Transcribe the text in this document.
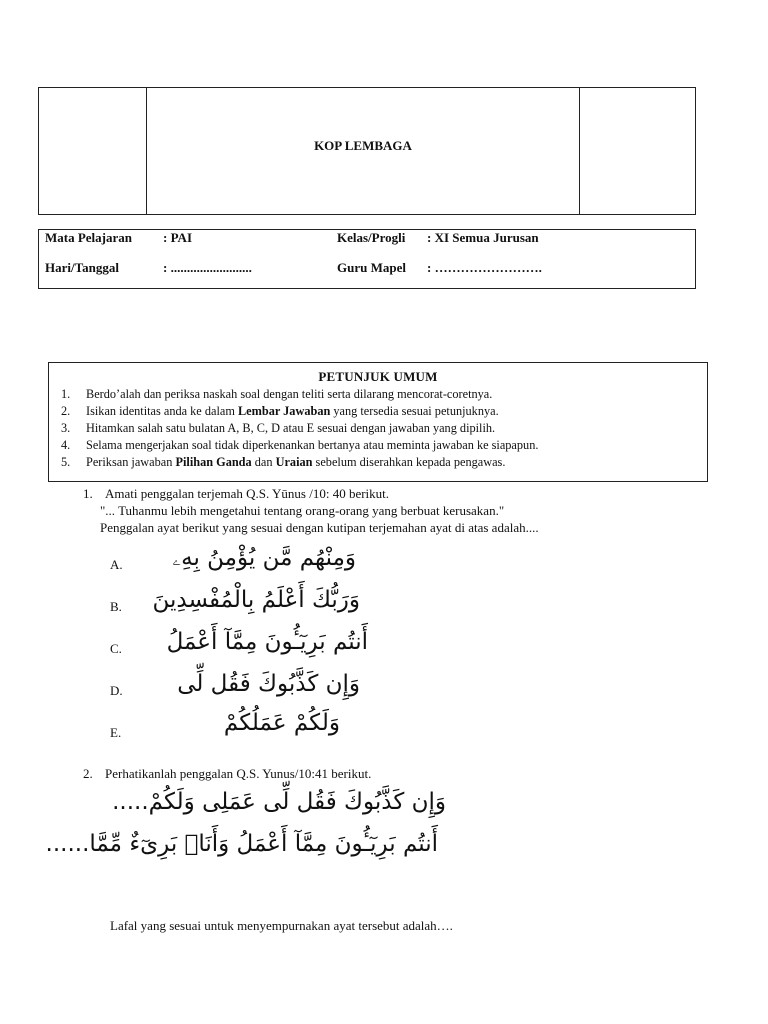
KOP LEMBAGA
Mata Pelajaran : PAI	Kelas/Progli : XI Semua Jurusan
Hari/Tanggal	: .........................	Guru Mapel : …………………….
PETUNJUK UMUM
1. Berdo’alah dan periksa naskah soal dengan teliti serta dilarang mencorat-coretnya.
2. Isikan identitas anda ke dalam Lembar Jawaban yang tersedia sesuai petunjuknya.
3. Hitamkan salah satu bulatan A, B, C, D atau E sesuai dengan jawaban yang dipilih.
4. Selama mengerjakan soal tidak diperkenankan bertanya atau meminta jawaban ke siapapun.
5. Periksan jawaban Pilihan Ganda dan Uraian sebelum diserahkan kepada pengawas.
1. Amati penggalan terjemah Q.S. Yūnus /10: 40 berikut.
"... Tuhanmu lebih mengetahui tentang orang-orang yang berbuat kerusakan."
Penggalan ayat berikut yang sesuai dengan kutipan terjemahan ayat di atas adalah....
A. وَمِنْهُم مَّن يُؤْمِنُ بِهِۦ
B. وَرَبُّكَ أَعْلَمُ بِالْمُفْسِدِينَ
C. أَنتُم بَرِيٓـُٔونَ مِمَّآ أَعْمَلُ
D. وَإِن كَذَّبُوكَ فَقُل لِّى
E.	وَلَكُمْ عَمَلُكُمْ
2. Perhatikanlah penggalan Q.S. Yunus/10:41 berikut.
وَإِن كَذَّبُوكَ فَقُل لِّى عَمَلِى وَلَكُمْ.....
أَنتُم بَرِيٓـُٔونَ مِمَّآ أَعْمَلُ وَأَنَا۠ بَرِىٓءٌ مِّمَّا......
Lafal yang sesuai untuk menyempurnakan ayat tersebut adalah….
